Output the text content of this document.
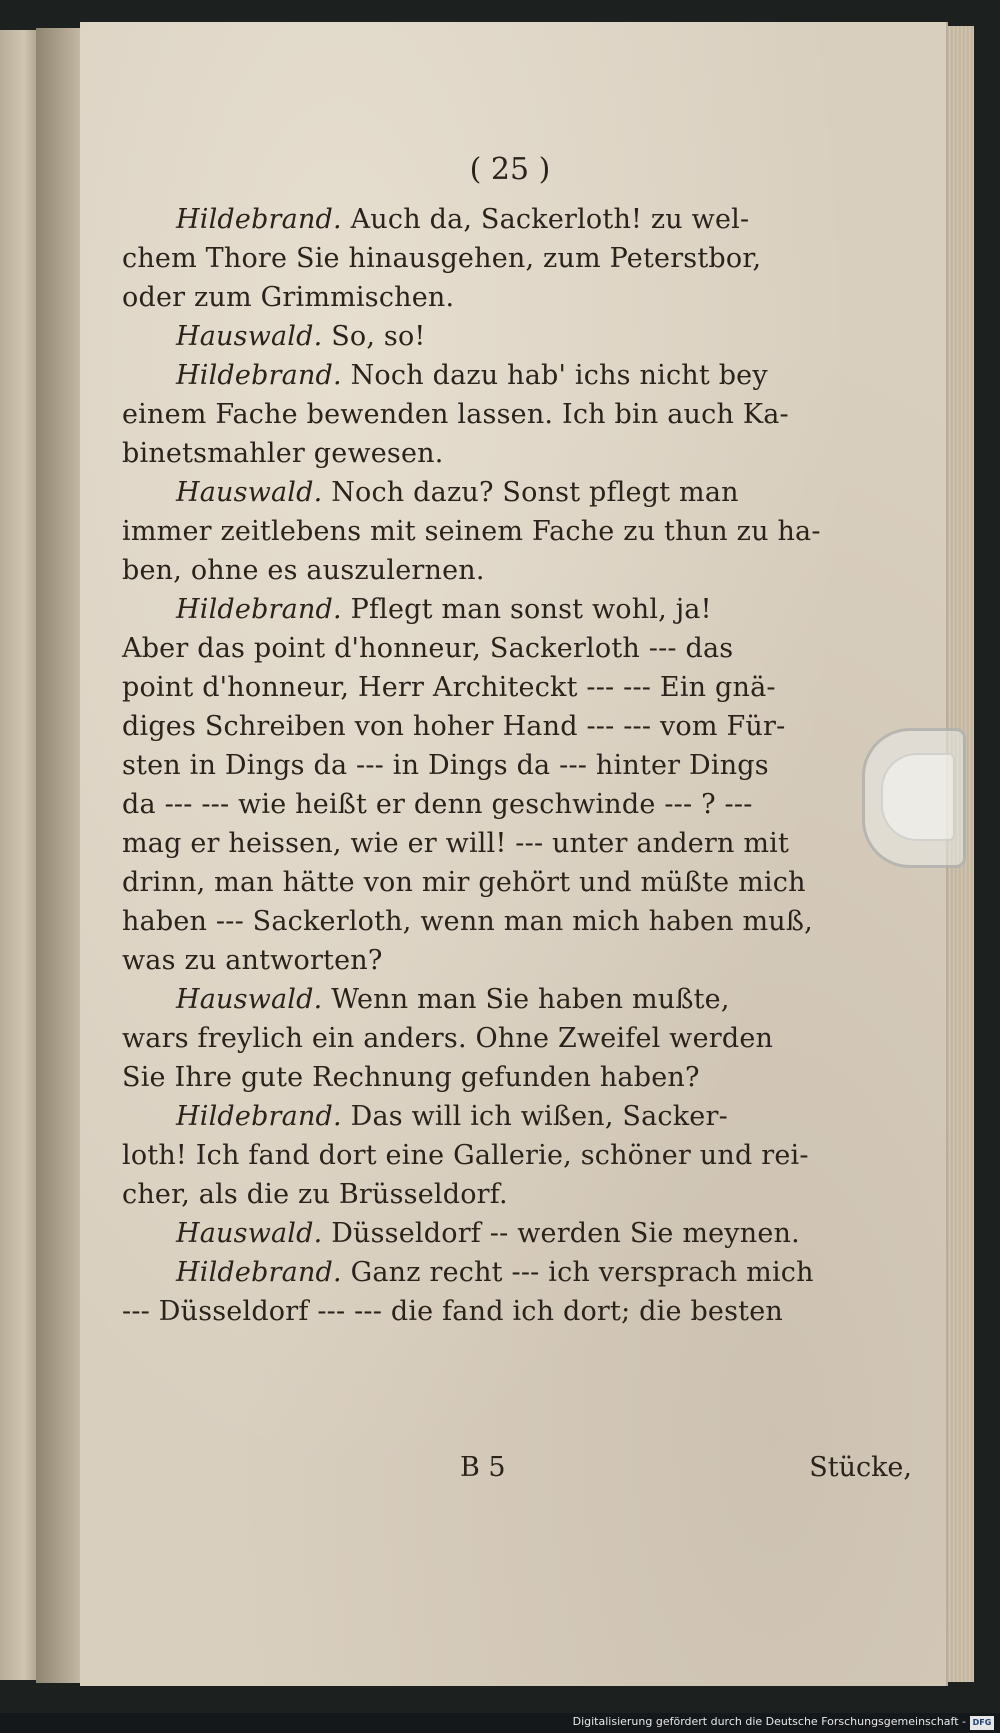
( 25 )
Hildebrand. Auch da, Sackerloth! zu wel-
chem Thore Sie hinausgehen, zum Peterstbor,
oder zum Grimmischen.
Hauswald. So, so!
Hildebrand. Noch dazu hab' ichs nicht bey
einem Fache bewenden lassen. Ich bin auch Ka-
binetsmahler gewesen.
Hauswald. Noch dazu? Sonst pflegt man
immer zeitlebens mit seinem Fache zu thun zu ha-
ben, ohne es auszulernen.
Hildebrand. Pflegt man sonst wohl, ja!
Aber das point d'honneur, Sackerloth --- das
point d'honneur, Herr Architeckt --- --- Ein gnä-
diges Schreiben von hoher Hand --- --- vom Für-
sten in Dings da --- in Dings da --- hinter Dings
da --- --- wie heißt er denn geschwinde --- ? ---
mag er heissen, wie er will! --- unter andern mit
drinn, man hätte von mir gehört und müßte mich
haben --- Sackerloth, wenn man mich haben muß,
was zu antworten?
Hauswald. Wenn man Sie haben mußte,
wars freylich ein anders. Ohne Zweifel werden
Sie Ihre gute Rechnung gefunden haben?
Hildebrand. Das will ich wißen, Sacker-
loth! Ich fand dort eine Gallerie, schöner und rei-
cher, als die zu Brüsseldorf.
Hauswald. Düsseldorf -- werden Sie meynen.
Hildebrand. Ganz recht --- ich versprach mich
--- Düsseldorf --- --- die fand ich dort; die besten
B 5	Stücke,
Digitalisierung gefördert durch die Deutsche Forschungsgemeinschaft - DFG
